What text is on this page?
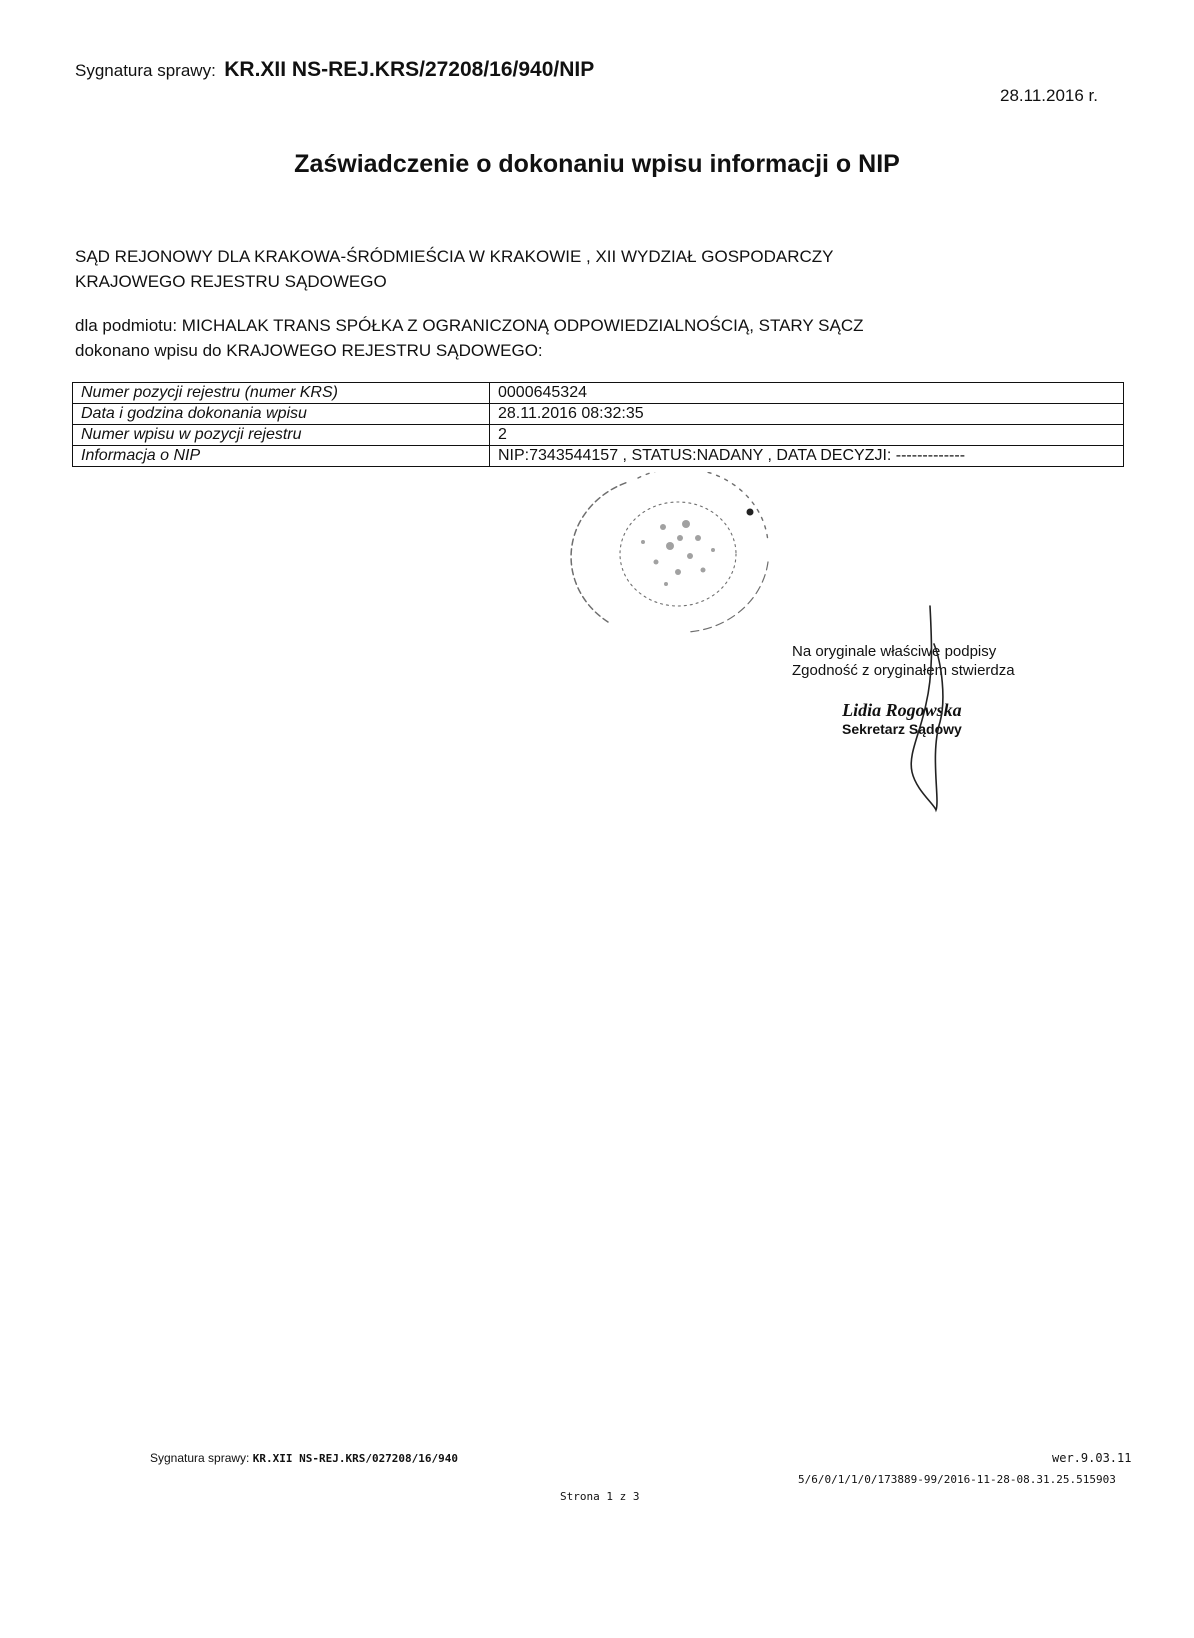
Sygnatura sprawy: KR.XII NS-REJ.KRS/27208/16/940/NIP
28.11.2016 r.
Zaświadczenie o dokonaniu wpisu informacji o NIP
SĄD REJONOWY DLA KRAKOWA-ŚRÓDMIEŚCIA W KRAKOWIE , XII WYDZIAŁ GOSPODARCZY
KRAJOWEGO REJESTRU SĄDOWEGO
dla podmiotu: MICHALAK TRANS SPÓŁKA Z OGRANICZONĄ ODPOWIEDZIALNOŚCIĄ, STARY SĄCZ
dokonano wpisu do KRAJOWEGO REJESTRU SĄDOWEGO:
Numer pozycji rejestru (numer KRS)	0000645324
Data i godzina dokonania wpisu	28.11.2016 08:32:35
Numer wpisu w pozycji rejestru	2
Informacja o NIP	NIP:7343544157 , STATUS:NADANY , DATA DECYZJI: -------------
Na oryginale właściwe podpisy
Zgodność z oryginałem stwierdza
Lidia Rogowska
Sekretarz Sądowy
Sygnatura sprawy: KR.XII NS-REJ.KRS/027208/16/940	wer.9.03.11
5/6/0/1/1/0/173889-99/2016-11-28-08.31.25.515903
Strona 1 z 3
